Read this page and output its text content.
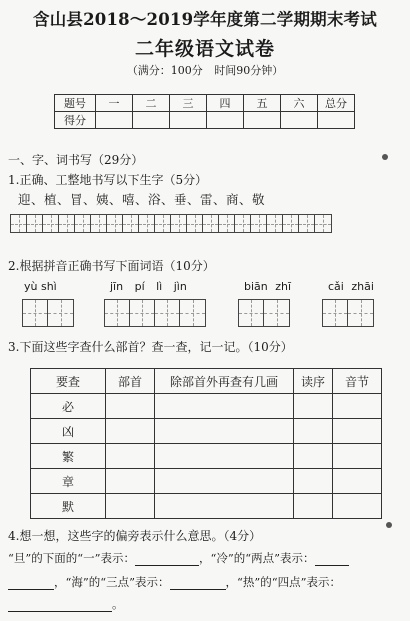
含山县2018～2019学年度第二学期期末考试
二年级语文试卷
（满分：100分 时间90分钟）
题号	一	二	三	四	五	六	总分
得分							
一、字、词书写（29分）
1.正确、工整地书写以下生字（5分）
迎、植、冒、姨、嘻、浴、垂、雷、商、敬
2.根据拼音正确书写下面词语（10分）
yù shì	jīn pí lì jìn	biān zhī	cǎi zhāi
3.下面这些字查什么部首？查一查，记一记。（10分）
要查	部首	除部首外再查有几画	读序	音节
必				
凶				
繁				
章				
默				
4.想一想，这些字的偏旁表示什么意思。（4分）
“旦”的下面的“一”表示：	，“冷”的“两点”表示：
，“海”的“三点”表示：	，“热”的“四点”表示：
。
